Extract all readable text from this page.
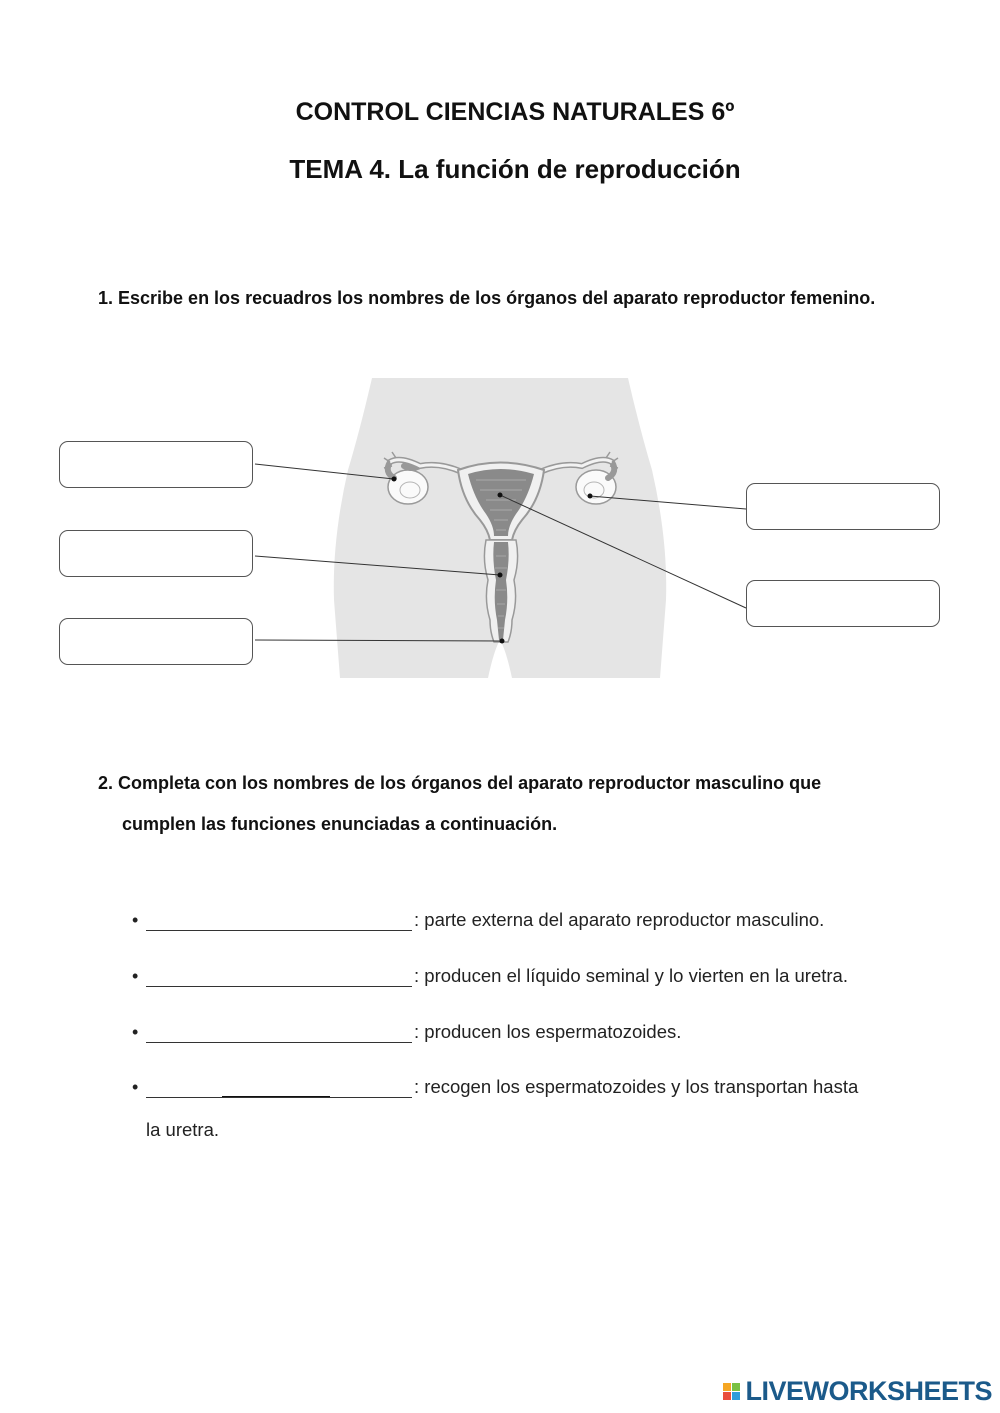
CONTROL CIENCIAS NATURALES 6º
TEMA 4. La función de reproducción
1. Escribe en los recuadros los nombres de los órganos del aparato reproductor femenino.
2. Completa con los nombres de los órganos del aparato reproductor masculino que
cumplen las funciones enunciadas a continuación.
•	: parte externa del aparato reproductor masculino.
•	: producen el líquido seminal y lo vierten en la uretra.
•	: producen los espermatozoides.
•	: recogen los espermatozoides y los transportan hasta
la uretra.
LIVEWORKSHEETS
